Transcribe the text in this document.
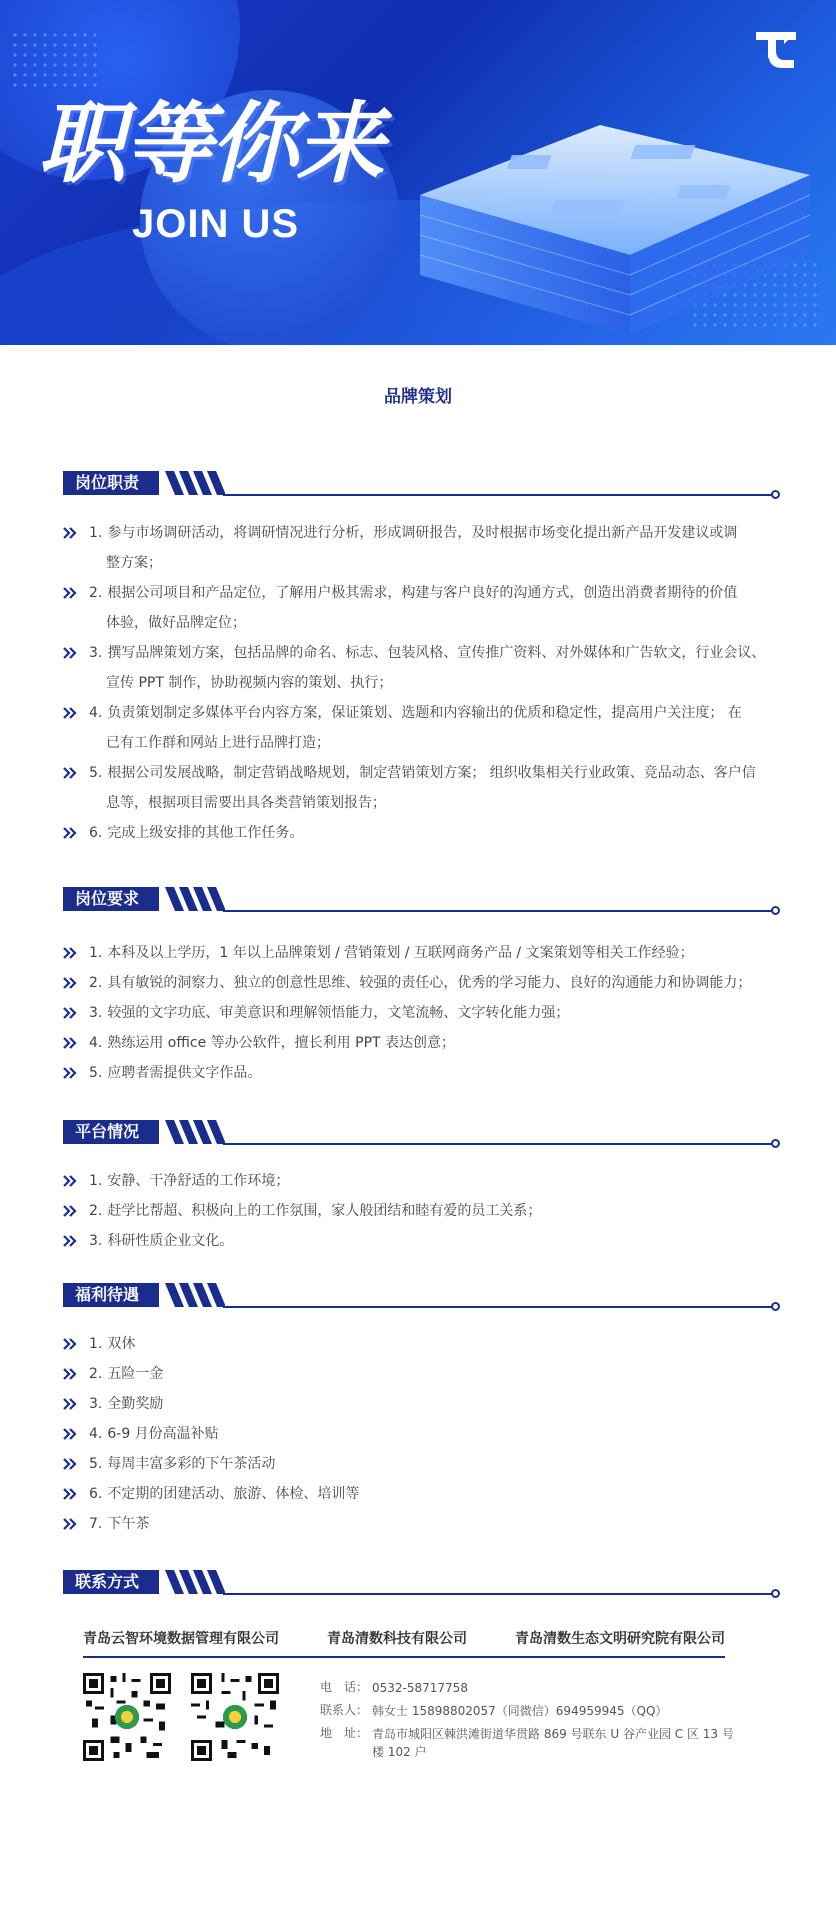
职等你来
JOIN US
品牌策划
岗位职责
1. 参与市场调研活动，将调研情况进行分析，形成调研报告，及时根据市场变化提出新产品开发建议或调
整方案；
2. 根据公司项目和产品定位，了解用户极其需求，构建与客户良好的沟通方式，创造出消费者期待的价值
体验，做好品牌定位；
3. 撰写品牌策划方案，包括品牌的命名、标志、包装风格、宣传推广资料、对外媒体和广告软文，行业会议、
宣传 PPT 制作，协助视频内容的策划、执行；
4. 负责策划制定多媒体平台内容方案，保证策划、选题和内容输出的优质和稳定性，提高用户关注度； 在
已有工作群和网站上进行品牌打造；
5. 根据公司发展战略，制定营销战略规划，制定营销策划方案； 组织收集相关行业政策、竞品动态、客户信
息等，根据项目需要出具各类营销策划报告；
6. 完成上级安排的其他工作任务。
岗位要求
1. 本科及以上学历，1 年以上品牌策划 / 营销策划 / 互联网商务产品 / 文案策划等相关工作经验；
2. 具有敏锐的洞察力、独立的创意性思维、较强的责任心，优秀的学习能力、良好的沟通能力和协调能力；
3. 较强的文字功底、审美意识和理解领悟能力，文笔流畅、文字转化能力强；
4. 熟练运用 office 等办公软件，擅长利用 PPT 表达创意；
5. 应聘者需提供文字作品。
平台情况
1. 安静、干净舒适的工作环境；
2. 赶学比帮超、积极向上的工作氛围，家人般团结和睦有爱的员工关系；
3. 科研性质企业文化。
福利待遇
1. 双休
2. 五险一金
3. 全勤奖励
4. 6-9 月份高温补贴
5. 每周丰富多彩的下午茶活动
6. 不定期的团建活动、旅游、体检、培训等
7. 下午茶
联系方式
青岛云智环境数据管理有限公司	青岛清数科技有限公司	青岛清数生态文明研究院有限公司
电　话： 0532-58717758
联系人： 韩女士 15898802057（同微信）694959945（QQ）
地　址： 青岛市城阳区棘洪滩街道华贯路 869 号联东 U 谷产业园 C 区 13 号楼 102 户
